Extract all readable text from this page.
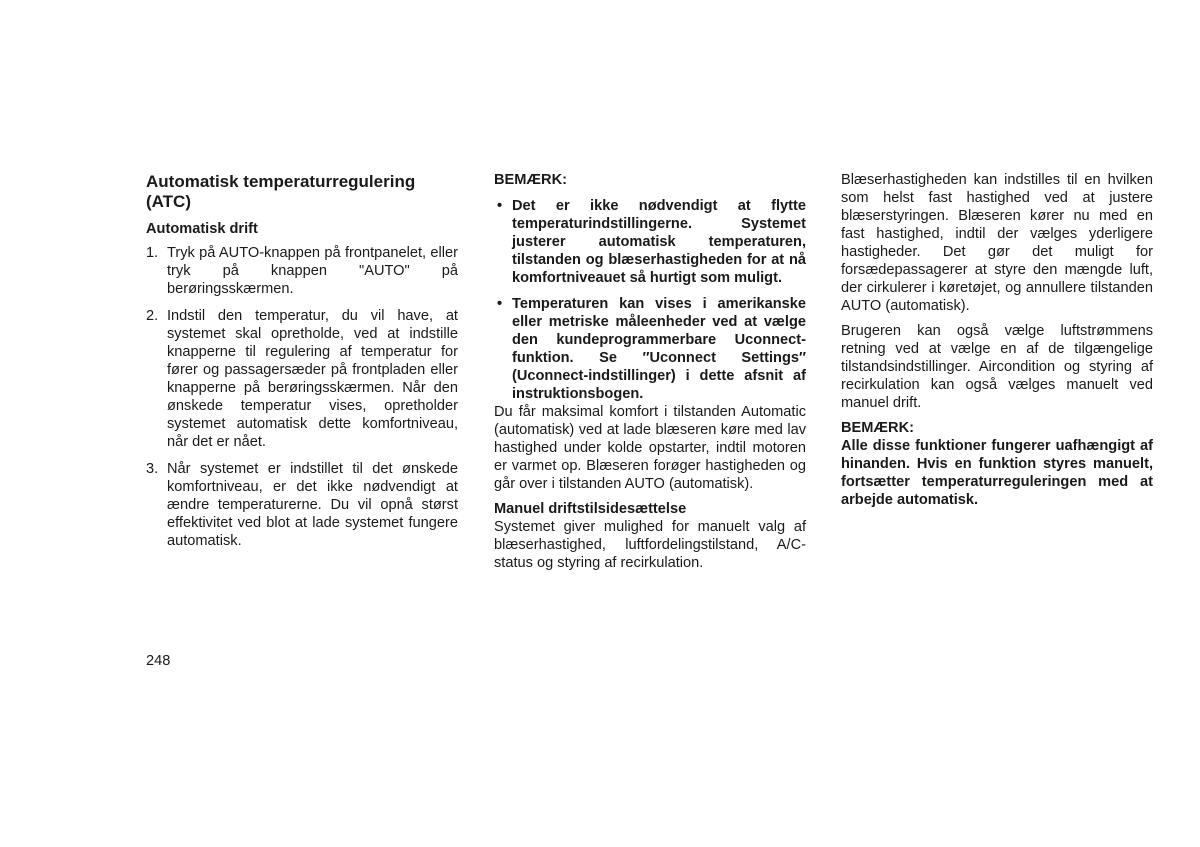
Automatisk temperaturregulering (ATC)
Automatisk drift
1. Tryk på AUTO-knappen på frontpanelet, eller tryk på knappen "AUTO" på berøringsskærmen.
2. Indstil den temperatur, du vil have, at systemet skal opretholde, ved at indstille knapperne til regulering af temperatur for fører og passagersæder på frontpladen eller knapperne på berøringsskærmen. Når den ønskede temperatur vises, opretholder systemet automatisk dette komfortniveau, når det er nået.
3. Når systemet er indstillet til det ønskede komfortniveau, er det ikke nødvendigt at ændre temperaturerne. Du vil opnå størst effektivitet ved blot at lade systemet fungere automatisk.
BEMÆRK:
• Det er ikke nødvendigt at flytte temperaturindstillingerne. Systemet justerer automatisk temperaturen, tilstanden og blæserhastigheden for at nå komfortniveauet så hurtigt som muligt.
• Temperaturen kan vises i amerikanske eller metriske måleenheder ved at vælge den kundeprogrammerbare Uconnect-funktion. Se ″Uconnect Settings″ (Uconnect-indstillinger) i dette afsnit af instruktionsbogen.

Du får maksimal komfort i tilstanden Automatic (automatisk) ved at lade blæseren køre med lav hastighed under kolde opstarter, indtil motoren er varmet op. Blæseren forøger hastigheden og går over i tilstanden AUTO (automatisk).

Manuel driftstilsidesættelse

Systemet giver mulighed for manuelt valg af blæserhastighed, luftfordelingstilstand, A/C-status og styring af recirkulation.

Blæserhastigheden kan indstilles til en hvilken som helst fast hastighed ved at justere blæserstyringen. Blæseren kører nu med en fast hastighed, indtil der vælges yderligere hastigheder. Det gør det muligt for forsædepassagerer at styre den mængde luft, der cirkulerer i køretøjet, og annullere tilstanden AUTO (automatisk).

Brugeren kan også vælge luftstrømmens retning ved at vælge en af de tilgængelige tilstandsindstillinger. Aircondition og styring af recirkulation kan også vælges manuelt ved manuel drift.

BEMÆRK:

Alle disse funktioner fungerer uafhængigt af hinanden. Hvis en funktion styres manuelt, fortsætter temperaturreguleringen med at arbejde automatisk.

248
